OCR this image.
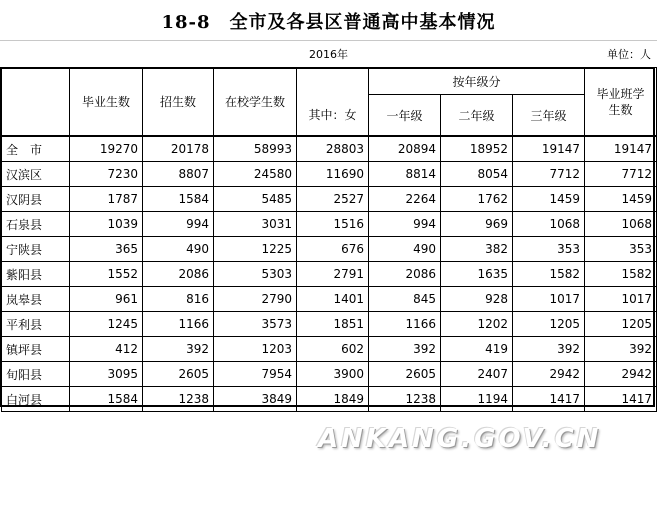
18-8　全市及各县区普通高中基本情况
2016年	单位：人
	毕业生数	招生数	在校学生数	其中：女	按年级分			毕业班学生数
					一年级	二年级	三年级	
全　市	19270	20178	58993	28803	20894	18952	19147	19147
汉滨区	7230	8807	24580	11690	8814	8054	7712	7712
汉阴县	1787	1584	5485	2527	2264	1762	1459	1459
石泉县	1039	994	3031	1516	994	969	1068	1068
宁陕县	365	490	1225	676	490	382	353	353
紫阳县	1552	2086	5303	2791	2086	1635	1582	1582
岚皋县	961	816	2790	1401	845	928	1017	1017
平利县	1245	1166	3573	1851	1166	1202	1205	1205
镇坪县	412	392	1203	602	392	419	392	392
旬阳县	3095	2605	7954	3900	2605	2407	2942	2942
白河县	1584	1238	3849	1849	1238	1194	1417	1417
ANKANG.GOV.CN
